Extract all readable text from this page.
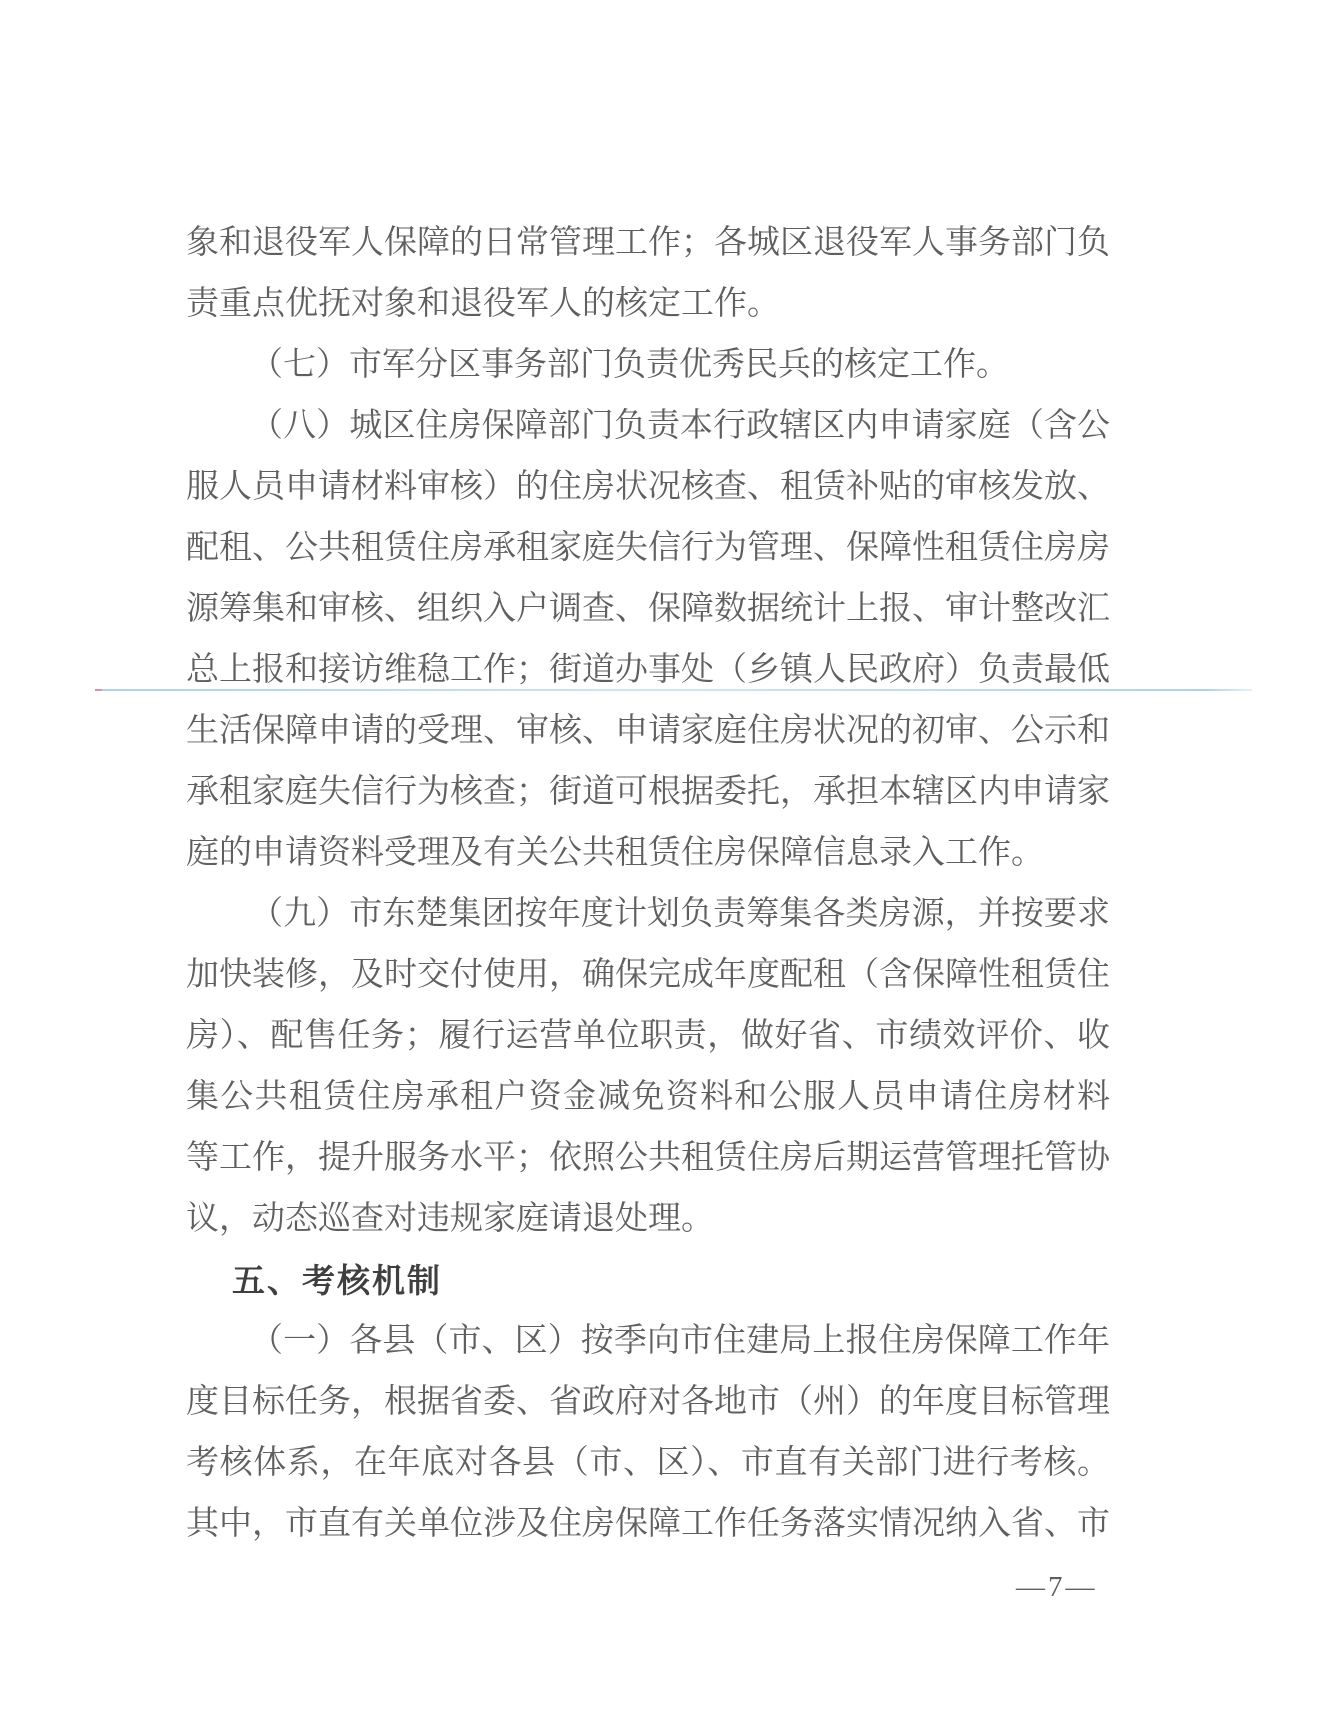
象和退役军人保障的日常管理工作；各城区退役军人事务部门负
责重点优抚对象和退役军人的核定工作。
（七）市军分区事务部门负责优秀民兵的核定工作。
（八）城区住房保障部门负责本行政辖区内申请家庭（含公
服人员申请材料审核）的住房状况核查、租赁补贴的审核发放、
配租、公共租赁住房承租家庭失信行为管理、保障性租赁住房房
源筹集和审核、组织入户调查、保障数据统计上报、审计整改汇
总上报和接访维稳工作；街道办事处（乡镇人民政府）负责最低
生活保障申请的受理、审核、申请家庭住房状况的初审、公示和
承租家庭失信行为核查；街道可根据委托，承担本辖区内申请家
庭的申请资料受理及有关公共租赁住房保障信息录入工作。
（九）市东楚集团按年度计划负责筹集各类房源，并按要求
加快装修，及时交付使用，确保完成年度配租（含保障性租赁住
房）、配售任务；履行运营单位职责，做好省、市绩效评价、收
集公共租赁住房承租户资金减免资料和公服人员申请住房材料
等工作，提升服务水平；依照公共租赁住房后期运营管理托管协
议，动态巡查对违规家庭请退处理。
五、考核机制
（一）各县（市、区）按季向市住建局上报住房保障工作年
度目标任务，根据省委、省政府对各地市（州）的年度目标管理
考核体系，在年底对各县（市、区）、市直有关部门进行考核。
其中，市直有关单位涉及住房保障工作任务落实情况纳入省、市
—7—
